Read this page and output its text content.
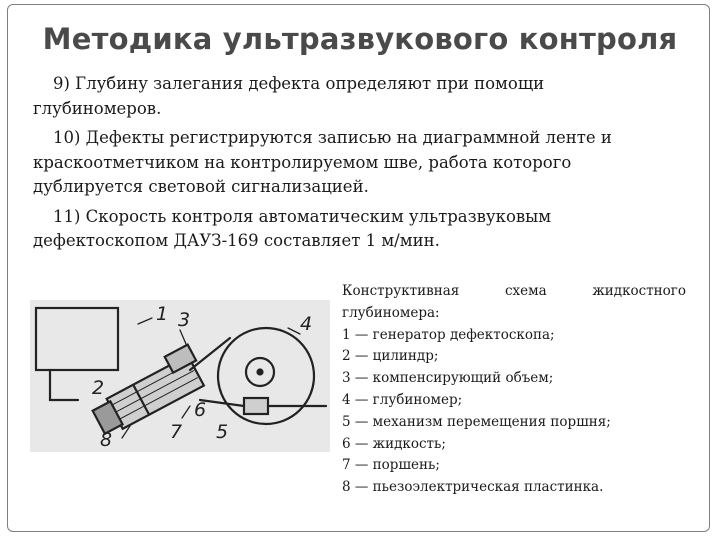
Методика ультразвукового контроля

9) Глубину залегания дефекта определяют при помощи глубиномеров.

10) Дефекты регистрируются записью на диаграммной ленте и краскоотметчиком на контролируемом шве, работа которого дублируется световой сигнализацией.

11) Скорость контроля автоматическим ультразвуковым дефектоскопом ДАУЗ-169 составляет 1 м/мин.

1
2
3	4
5
6
7
8
Конструктивная схема жидкостного
глубиномера:
1 — генератор дефектоскопа;
2 — цилиндр;
3 — компенсирующий объем;
4 — глубиномер;
5 — механизм перемещения поршня;
6 — жидкость;
7 — поршень;
8 — пьезоэлектрическая пластинка.
